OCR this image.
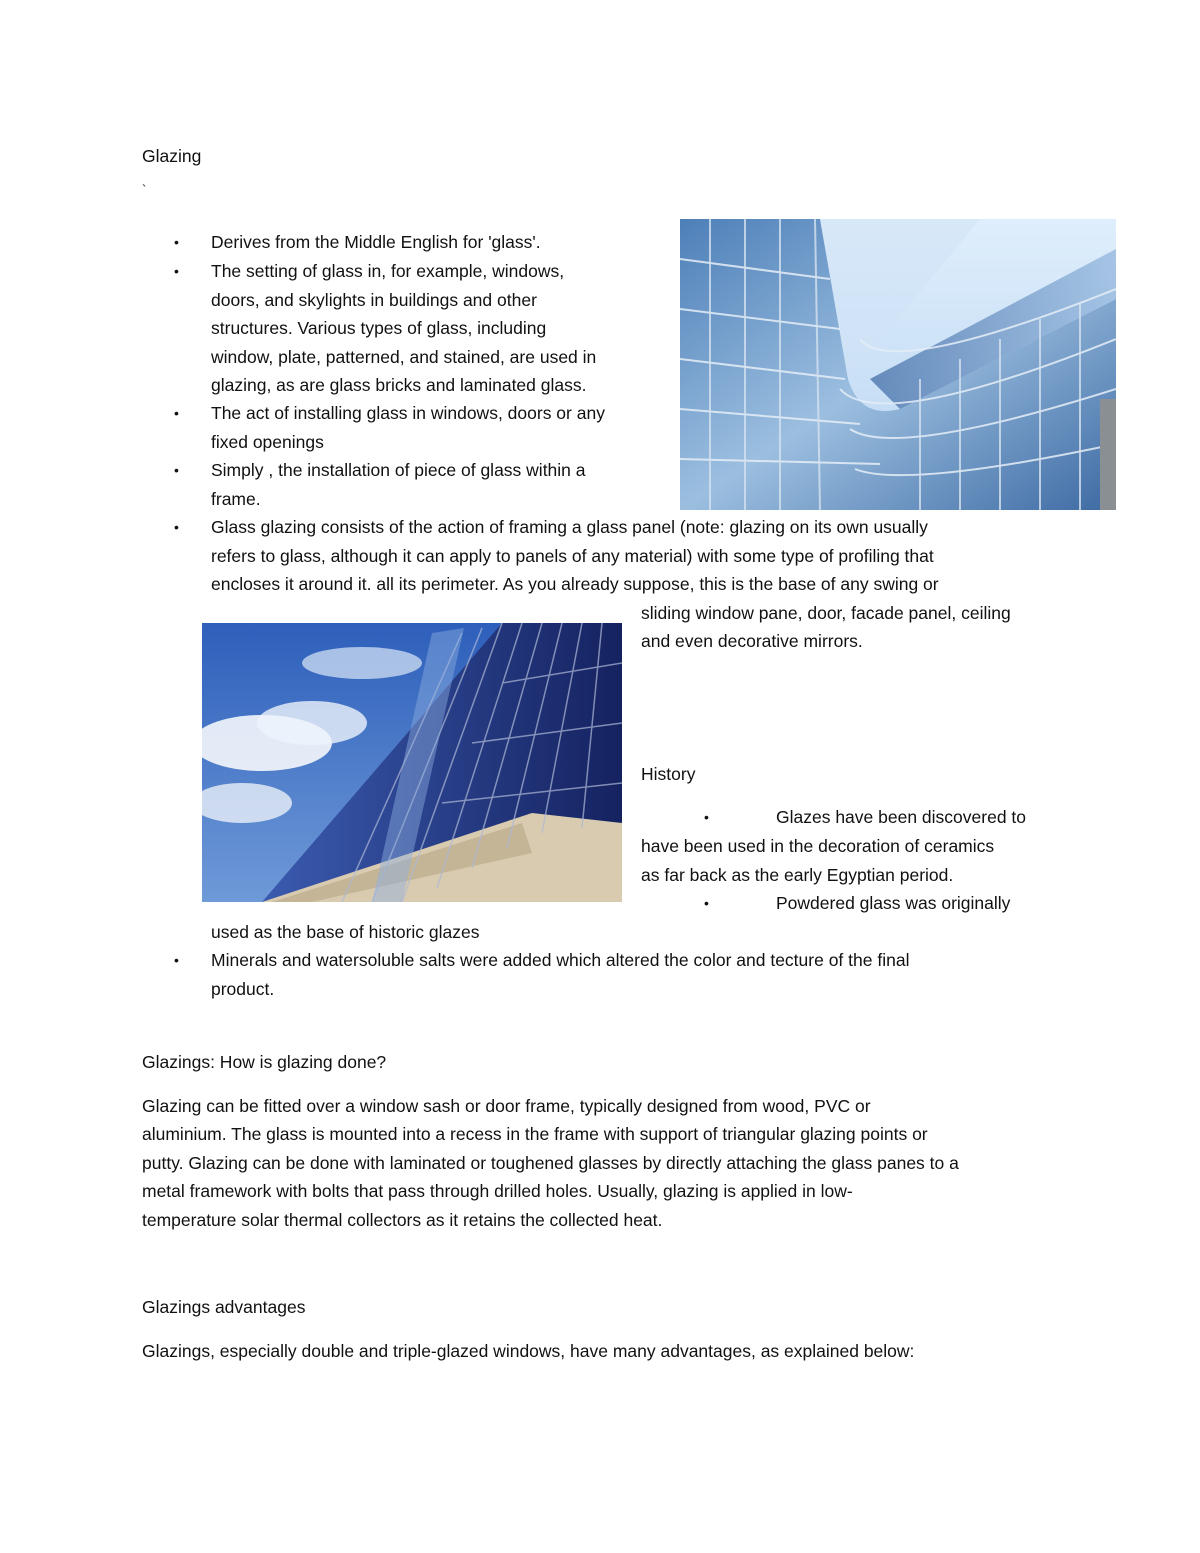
Glazing
`
• Derives from the Middle English for 'glass'.
• The setting of glass in, for example, windows,
doors, and skylights in buildings and other
structures. Various types of glass, including
window, plate, patterned, and stained, are used in
glazing, as are glass bricks and laminated glass.
• The act of installing glass in windows, doors or any
fixed openings
• Simply , the installation of piece of glass within a
frame.
• Glass glazing consists of the action of framing a glass panel (note: glazing on its own usually
refers to glass, although it can apply to panels of any material) with some type of profiling that
encloses it around it. all its perimeter. As you already suppose, this is the base of any swing or
sliding window pane, door, facade panel, ceiling
and even decorative mirrors.
History
•	Glazes have been discovered to
have been used in the decoration of ceramics
as far back as the early Egyptian period.
•	Powdered glass was originally
used as the base of historic glazes
• Minerals and watersoluble salts were added which altered the color and tecture of the final
product.
Glazings: How is glazing done?
Glazing can be fitted over a window sash or door frame, typically designed from wood, PVC or
aluminium. The glass is mounted into a recess in the frame with support of triangular glazing points or
putty. Glazing can be done with laminated or toughened glasses by directly attaching the glass panes to a
metal framework with bolts that pass through drilled holes. Usually, glazing is applied in low-
temperature solar thermal collectors as it retains the collected heat.
Glazings advantages
Glazings, especially double and triple-glazed windows, have many advantages, as explained below:
